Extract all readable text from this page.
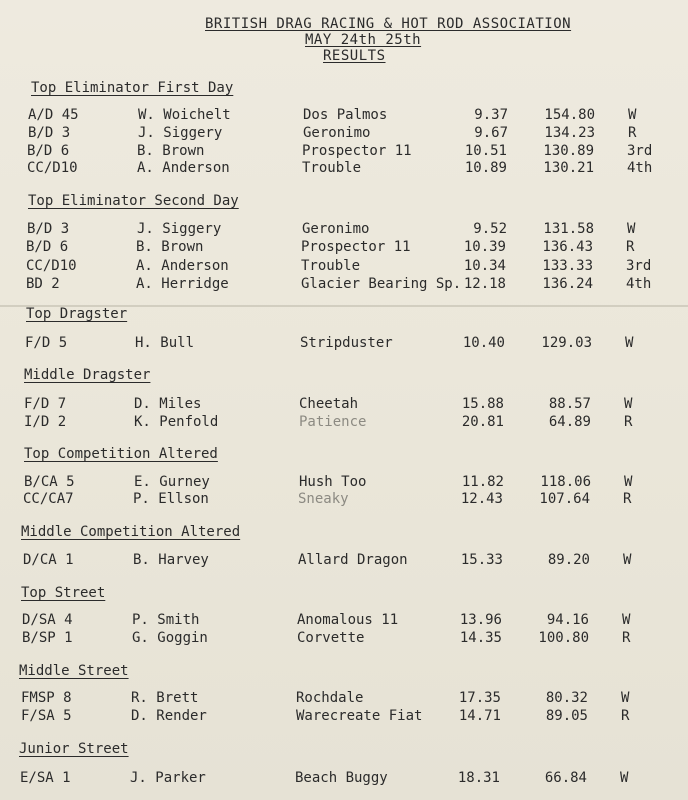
BRITISH DRAG RACING & HOT ROD ASSOCIATION
MAY 24th 25th
RESULTS
Top Eliminator First Day
A/D 45	W. Woichelt	Dos Palmos	9.37	154.80 W
B/D 3	J. Siggery	Geronimo	9.67	134.23 R
B/D 6	B. Brown	Prospector 11	10.51	130.89 3rd
CC/D10	A. Anderson	Trouble	10.89	130.21 4th
Top Eliminator Second Day
B/D 3	J. Siggery	Geronimo	9.52	131.58 W
B/D 6	B. Brown	Prospector 11	10.39	136.43 R
CC/D10	A. Anderson	Trouble	10.34	133.33 3rd
BD 2	A. Herridge	Glacier Bearing Sp. 12.18	136.24 4th
Top Dragster
F/D 5	H. Bull	Stripduster	10.40	129.03 W
Middle Dragster
F/D 7	D. Miles	Cheetah	15.88	88.57 W
I/D 2	K. Penfold	Patience	20.81	64.89 R
Top Competition Altered
B/CA 5	E. Gurney	Hush Too	11.82	118.06 W
CC/CA7	P. Ellson	Sneaky	12.43	107.64 R
Middle Competition Altered
D/CA 1	B. Harvey	Allard Dragon	15.33	89.20 W
Top Street
D/SA 4	P. Smith	Anomalous 11	13.96	94.16 W
B/SP 1	G. Goggin	Corvette	14.35	100.80 R
Middle Street
FMSP 8	R. Brett	Rochdale	17.35	80.32 W
F/SA 5	D. Render	Warecreate Fiat	14.71	89.05 R
Junior Street
E/SA 1	J. Parker	Beach Buggy	18.31	66.84 W
